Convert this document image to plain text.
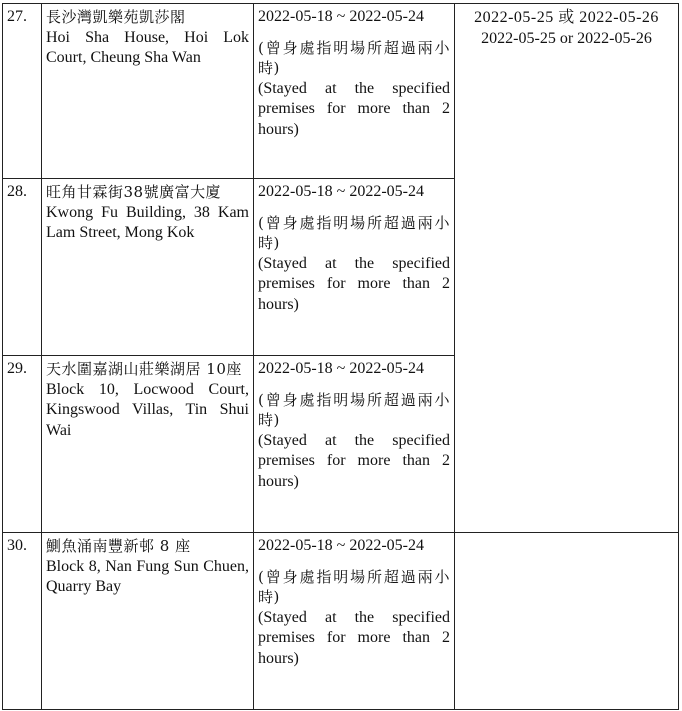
27.	長沙灣凱樂苑凱莎閣
Hoi Sha House, Hoi Lok Court, Cheung Sha Wan	2022-05-18 ~ 2022-05-24
(曾身處指明場所超過兩小時)
(Stayed at the specified premises for more than 2 hours)	2022-05-25 或 2022-05-26
2022-05-25 or 2022-05-26

28.	旺角甘霖街38號廣富大廈
Kwong Fu Building, 38 Kam Lam Street, Mong Kok	2022-05-18 ~ 2022-05-24
(曾身處指明場所超過兩小時)
(Stayed at the specified premises for more than 2 hours)	

29.	天水圍嘉湖山莊樂湖居 10座
Block 10, Locwood Court, Kingswood Villas, Tin Shui Wai	2022-05-18 ~ 2022-05-24
(曾身處指明場所超過兩小時)
(Stayed at the specified premises for more than 2 hours)	

30.	鰂魚涌南豐新邨 8 座
Block 8, Nan Fung Sun Chuen, Quarry Bay	2022-05-18 ~ 2022-05-24
(曾身處指明場所超過兩小時)
(Stayed at the specified premises for more than 2 hours)	
